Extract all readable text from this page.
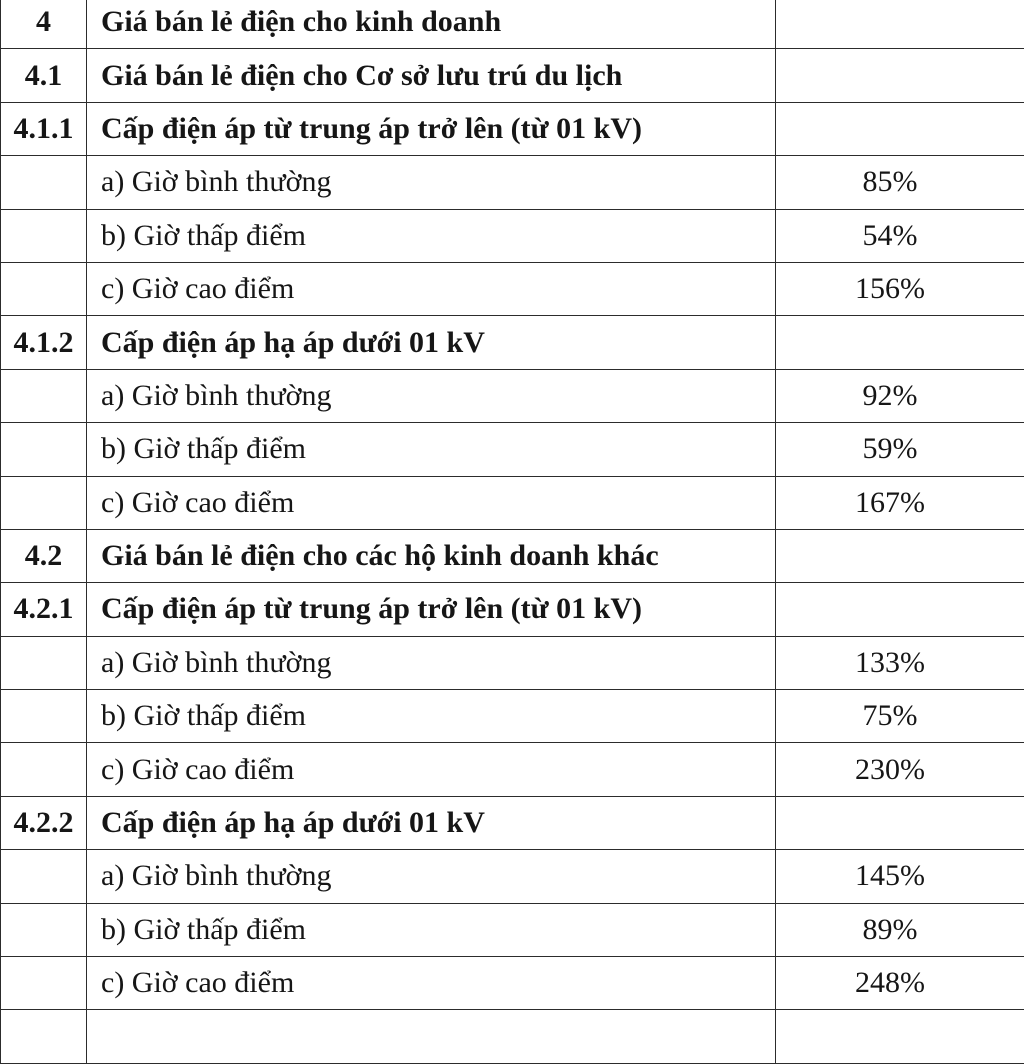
4	Giá bán lẻ điện cho kinh doanh	
4.1	Giá bán lẻ điện cho Cơ sở lưu trú du lịch	
4.1.1	Cấp điện áp từ trung áp trở lên (từ 01 kV)	
	a) Giờ bình thường	85%
	b) Giờ thấp điểm	54%
	c) Giờ cao điểm	156%
4.1.2	Cấp điện áp hạ áp dưới 01 kV	
	a) Giờ bình thường	92%
	b) Giờ thấp điểm	59%
	c) Giờ cao điểm	167%
4.2	Giá bán lẻ điện cho các hộ kinh doanh khác	
4.2.1	Cấp điện áp từ trung áp trở lên (từ 01 kV)	
	a) Giờ bình thường	133%
	b) Giờ thấp điểm	75%
	c) Giờ cao điểm	230%
4.2.2	Cấp điện áp hạ áp dưới 01 kV	
	a) Giờ bình thường	145%
	b) Giờ thấp điểm	89%
	c) Giờ cao điểm	248%
